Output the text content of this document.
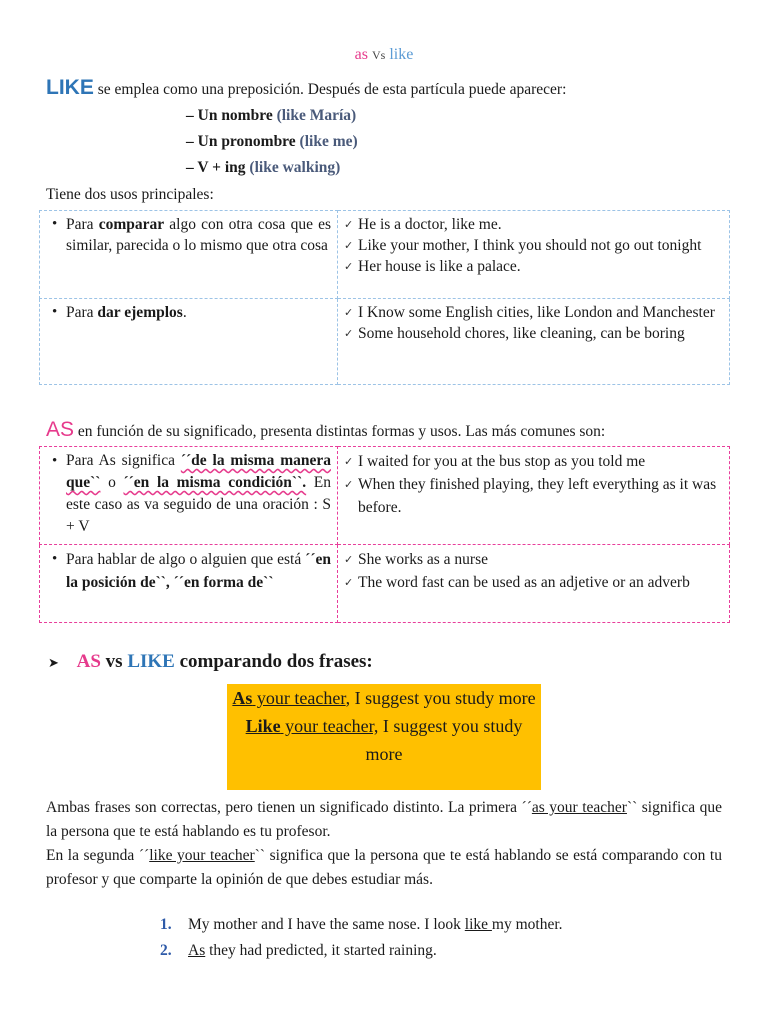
as Vs like
LIKE se emplea como una preposición. Después de esta partícula puede aparecer:
– Un nombre (like María)
– Un pronombre (like me)
– V + ing (like walking)
Tiene dos usos principales:
• Para comparar algo con otra cosa que es similar, parecida o lo mismo que otra cosa	✓ He is a doctor, like me.
✓ Like your mother, I think you should not go out tonight
✓ Her house is like a palace.

• Para dar ejemplos.	✓ I Know some English cities, like London and Manchester
✓ Some household chores, like cleaning, can be boring
AS en función de su significado, presenta distintas formas y usos. Las más comunes son:
• Para As significa ´´de la misma manera que`` o ´´en la misma condición``. En este caso as va seguido de una oración : S + V	✓ I waited for you at the bus stop as you told me
✓ When they finished playing, they left everything as it was before.

• Para hablar de algo o alguien que está ´´en la posición de``, ´´en forma de``	✓ She works as a nurse
✓ The word fast can be used as an adjetive or an adverb
➤ AS vs LIKE comparando dos frases:

As your teacher, I suggest you study more

Like your teacher, I suggest you study more

Ambas frases son correctas, pero tienen un significado distinto. La primera ´´as your teacher`` significa que la persona que te está hablando es tu profesor.

En la segunda ´´like your teacher`` significa que la persona que te está hablando se está comparando con tu profesor y que comparte la opinión de que debes estudiar más.

1. My mother and I have the same nose. I look like my mother.
2. As they had predicted, it started raining.
